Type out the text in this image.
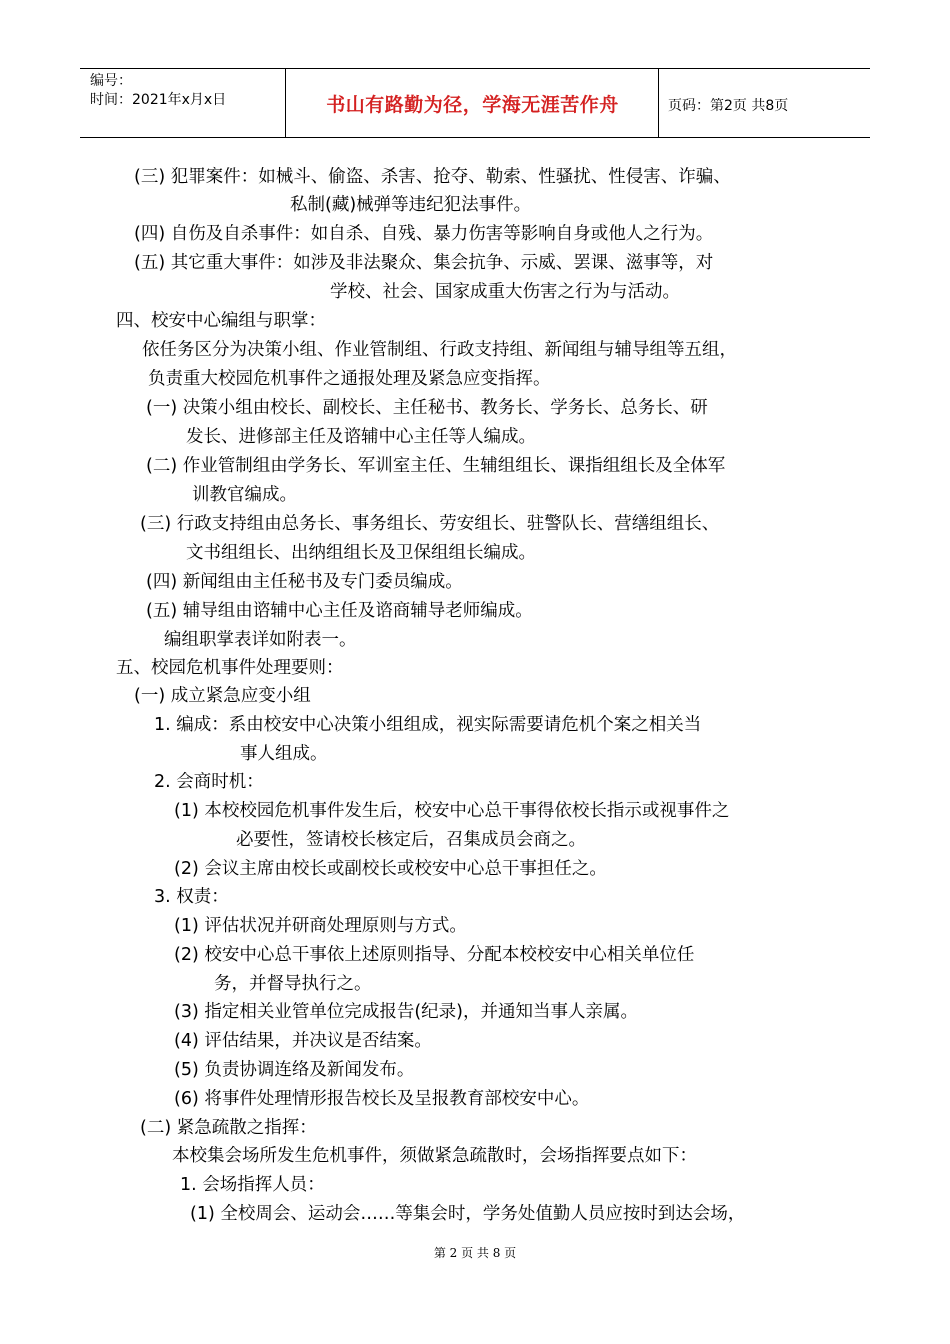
编号：
时间：2021年x月x日	书山有路勤为径，学海无涯苦作舟	页码：第2页 共8页
(三) 犯罪案件：如械斗、偷盗、杀害、抢夺、勒索、性骚扰、性侵害、诈骗、
私制(藏)械弹等违纪犯法事件。
(四) 自伤及自杀事件：如自杀、自残、暴力伤害等影响自身或他人之行为。
(五) 其它重大事件：如涉及非法聚众、集会抗争、示威、罢课、滋事等，对
学校、社会、国家成重大伤害之行为与活动。
四、校安中心编组与职掌：
依任务区分为决策小组、作业管制组、行政支持组、新闻组与辅导组等五组，
负责重大校园危机事件之通报处理及紧急应变指挥。
(一) 决策小组由校长、副校长、主任秘书、教务长、学务长、总务长、研
发长、进修部主任及谘辅中心主任等人编成。
(二) 作业管制组由学务长、军训室主任、生辅组组长、课指组组长及全体军
训教官编成。
(三) 行政支持组由总务长、事务组长、劳安组长、驻警队长、营缮组组长、
文书组组长、出纳组组长及卫保组组长编成。
(四) 新闻组由主任秘书及专门委员编成。
(五) 辅导组由谘辅中心主任及谘商辅导老师编成。
编组职掌表详如附表一。
五、校园危机事件处理要则：
(一) 成立紧急应变小组
1. 编成：系由校安中心决策小组组成，视实际需要请危机个案之相关当
事人组成。
2. 会商时机：
(1) 本校校园危机事件发生后，校安中心总干事得依校长指示或视事件之
必要性，签请校长核定后，召集成员会商之。
(2) 会议主席由校长或副校长或校安中心总干事担任之。
3. 权责：
(1) 评估状况并研商处理原则与方式。
(2) 校安中心总干事依上述原则指导、分配本校校安中心相关单位任
务，并督导执行之。
(3) 指定相关业管单位完成报告(纪录)，并通知当事人亲属。
(4) 评估结果，并决议是否结案。
(5) 负责协调连络及新闻发布。
(6) 将事件处理情形报告校长及呈报教育部校安中心。
(二) 紧急疏散之指挥：
本校集会场所发生危机事件，须做紧急疏散时，会场指挥要点如下：
1. 会场指挥人员：
(1) 全校周会、运动会……等集会时，学务处值勤人员应按时到达会场，
第 2 页 共 8 页
